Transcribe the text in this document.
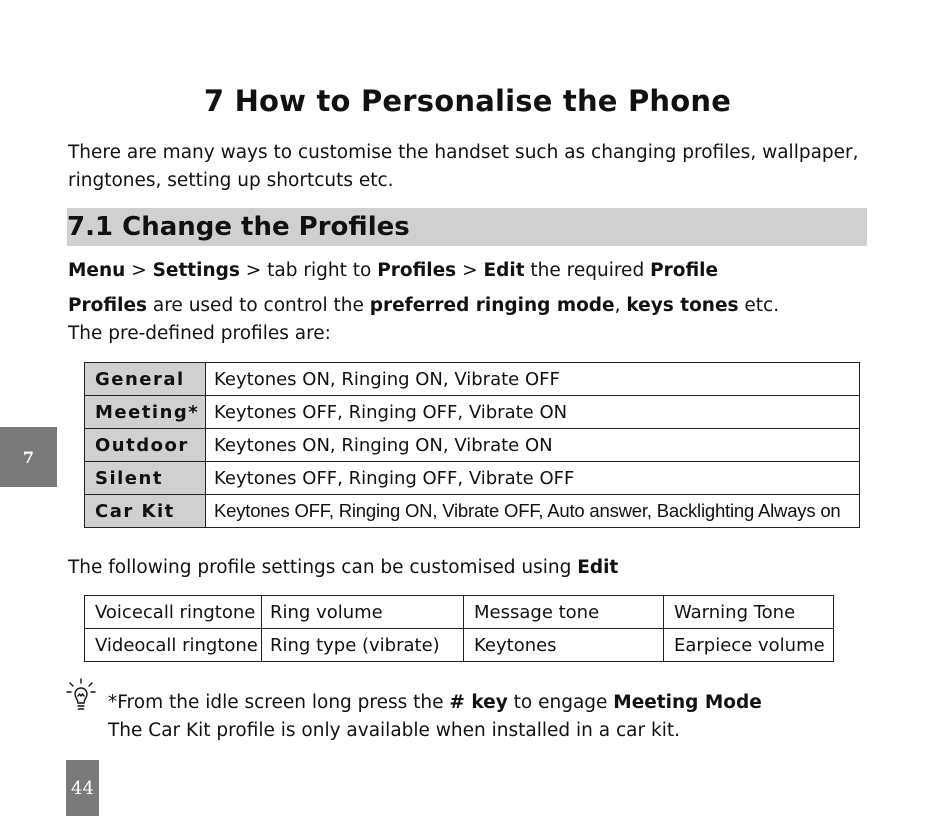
7 How to Personalise the Phone
There are many ways to customise the handset such as changing profiles, wallpaper, ringtones, setting up shortcuts etc.
7.1 Change the Profiles
Menu > Settings > tab right to Profiles > Edit the required Profile
Profiles are used to control the preferred ringing mode, keys tones etc.
The pre-defined profiles are:
General	Keytones ON, Ringing ON, Vibrate OFF
Meeting*	Keytones OFF, Ringing OFF, Vibrate ON
Outdoor	Keytones ON, Ringing ON, Vibrate ON
Silent	Keytones OFF, Ringing OFF, Vibrate OFF
Car Kit	Keytones OFF, Ringing ON, Vibrate OFF, Auto answer, Backlighting Always on
The following profile settings can be customised using Edit
Voicecall ringtone	Ring volume	Message tone	Warning Tone
Videocall ringtone	Ring type (vibrate)	Keytones	Earpiece volume
*From the idle screen long press the # key to engage Meeting Mode
The Car Kit profile is only available when installed in a car kit.
7
44
